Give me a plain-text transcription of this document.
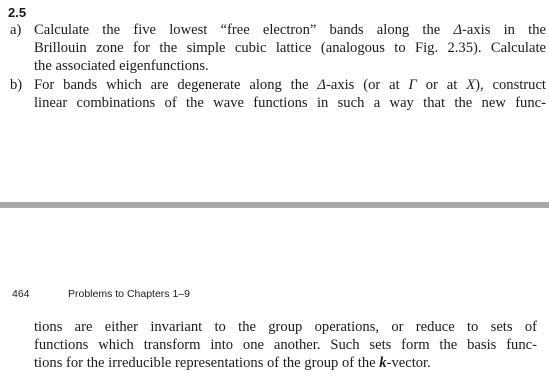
2.5
a) Calculate the five lowest “free electron” bands along the Δ-axis in the
Brillouin zone for the simple cubic lattice (analogous to Fig. 2.35). Calculate
the associated eigenfunctions.
b) For bands which are degenerate along the Δ-axis (or at Γ or at X), construct
linear combinations of the wave functions in such a way that the new func-
464	Problems to Chapters 1–9
tions are either invariant to the group operations, or reduce to sets of
functions which transform into one another. Such sets form the basis func-
tions for the irreducible representations of the group of the k-vector.
